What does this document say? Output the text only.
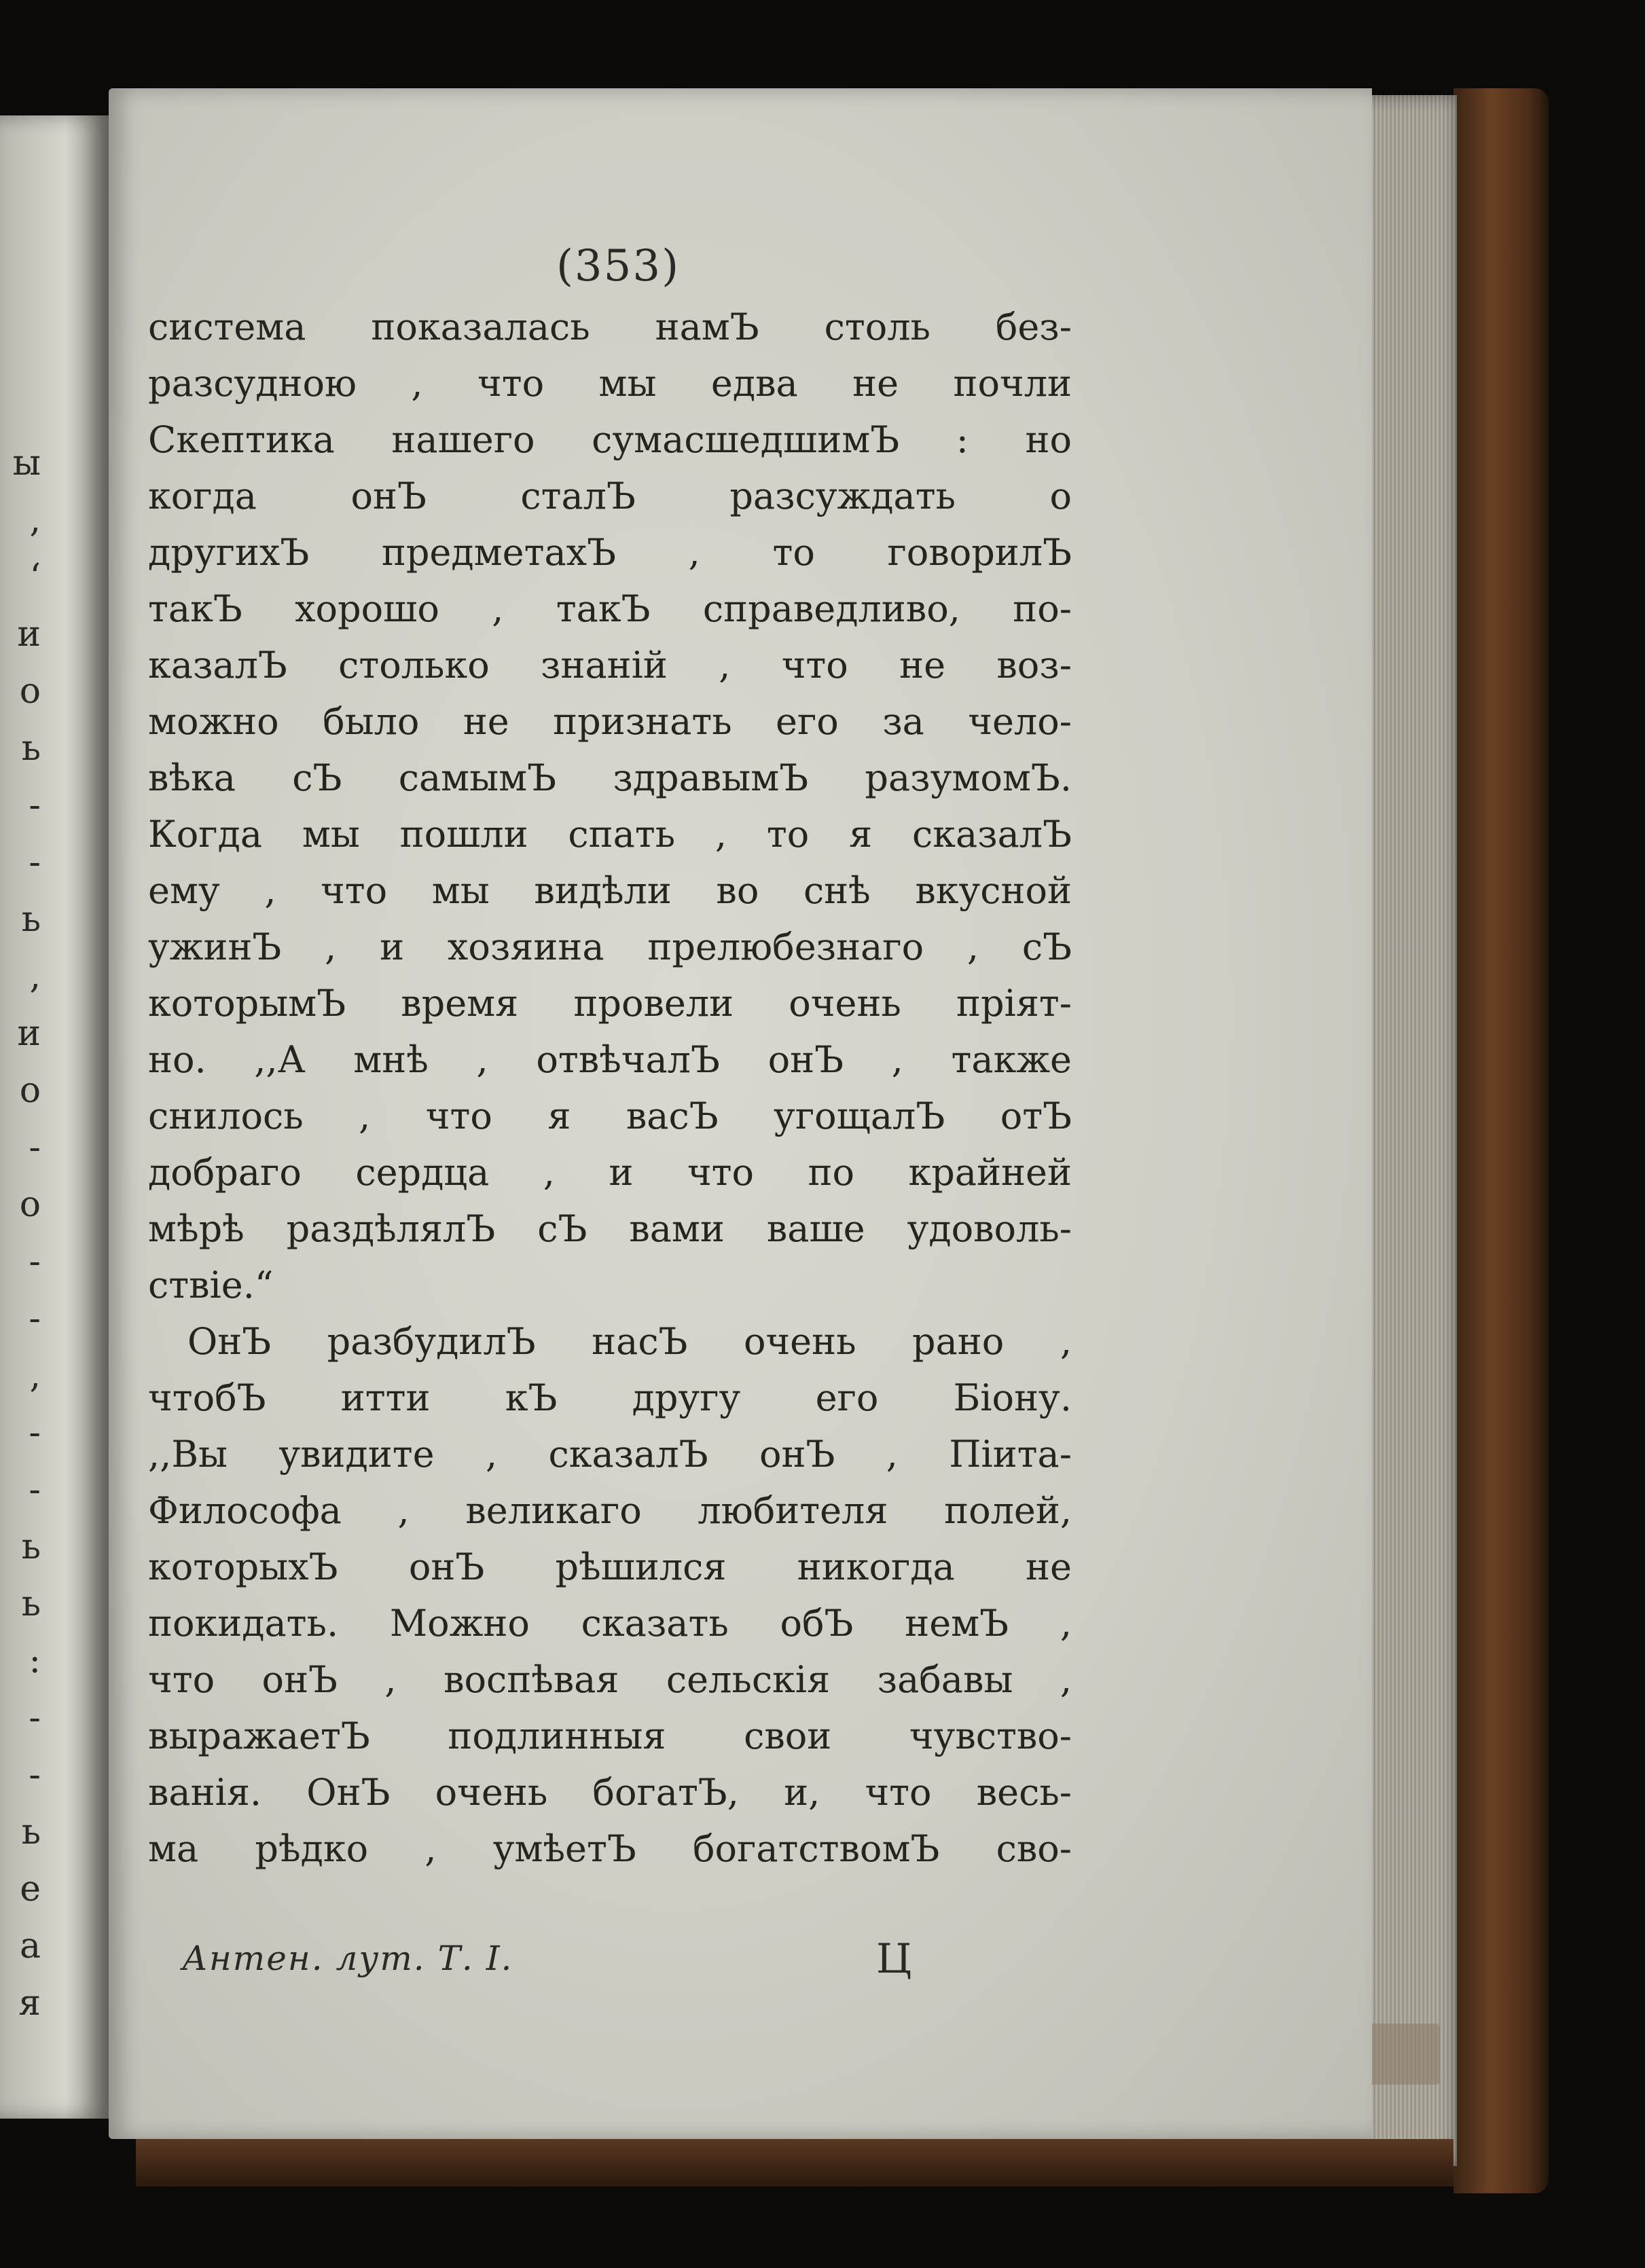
ы
,
‘
и
о
ь
-
-
ь
,
и
о
-
о
-
-
,
-
-
ь
ь
:
-
-
ь
е
а
я
(353)
система показалась намЪ столь без-
разсудною , что мы едва не почли
Скептика нашего сумасшедшимЪ : но
когда онЪ сталЪ разсуждать о
другихЪ предметахЪ , то говорилЪ
такЪ хорошо , такЪ справедливо, по-
казалЪ столько знаній , что не воз-
можно было не признать его за чело-
вѣка сЪ самымЪ здравымЪ разумомЪ.
Когда мы пошли спать , то я сказалЪ
ему , что мы видѣли во снѣ вкусной
ужинЪ , и хозяина прелюбезнаго , сЪ
которымЪ время провели очень пріят-
но. ,,А мнѣ , отвѣчалЪ онЪ , также
снилось , что я васЪ угощалЪ отЪ
добраго сердца , и что по крайней
мѣрѣ раздѣлялЪ сЪ вами ваше удоволь-
ствіе.“
ОнЪ разбудилЪ насЪ очень рано ,
чтобЪ итти кЪ другу его Біону.
,,Вы увидите , сказалЪ онЪ , Піита-
Философа , великаго любителя полей,
которыхЪ онЪ рѣшился никогда не
покидать. Можно сказать обЪ немЪ ,
что онЪ , воспѣвая сельскія забавы ,
выражаетЪ подлинныя свои чувство-
ванія. ОнЪ очень богатЪ, и, что весь-
ма рѣдко , умѣетЪ богатствомЪ сво-
Антен. лут. Т. I.	Ц
